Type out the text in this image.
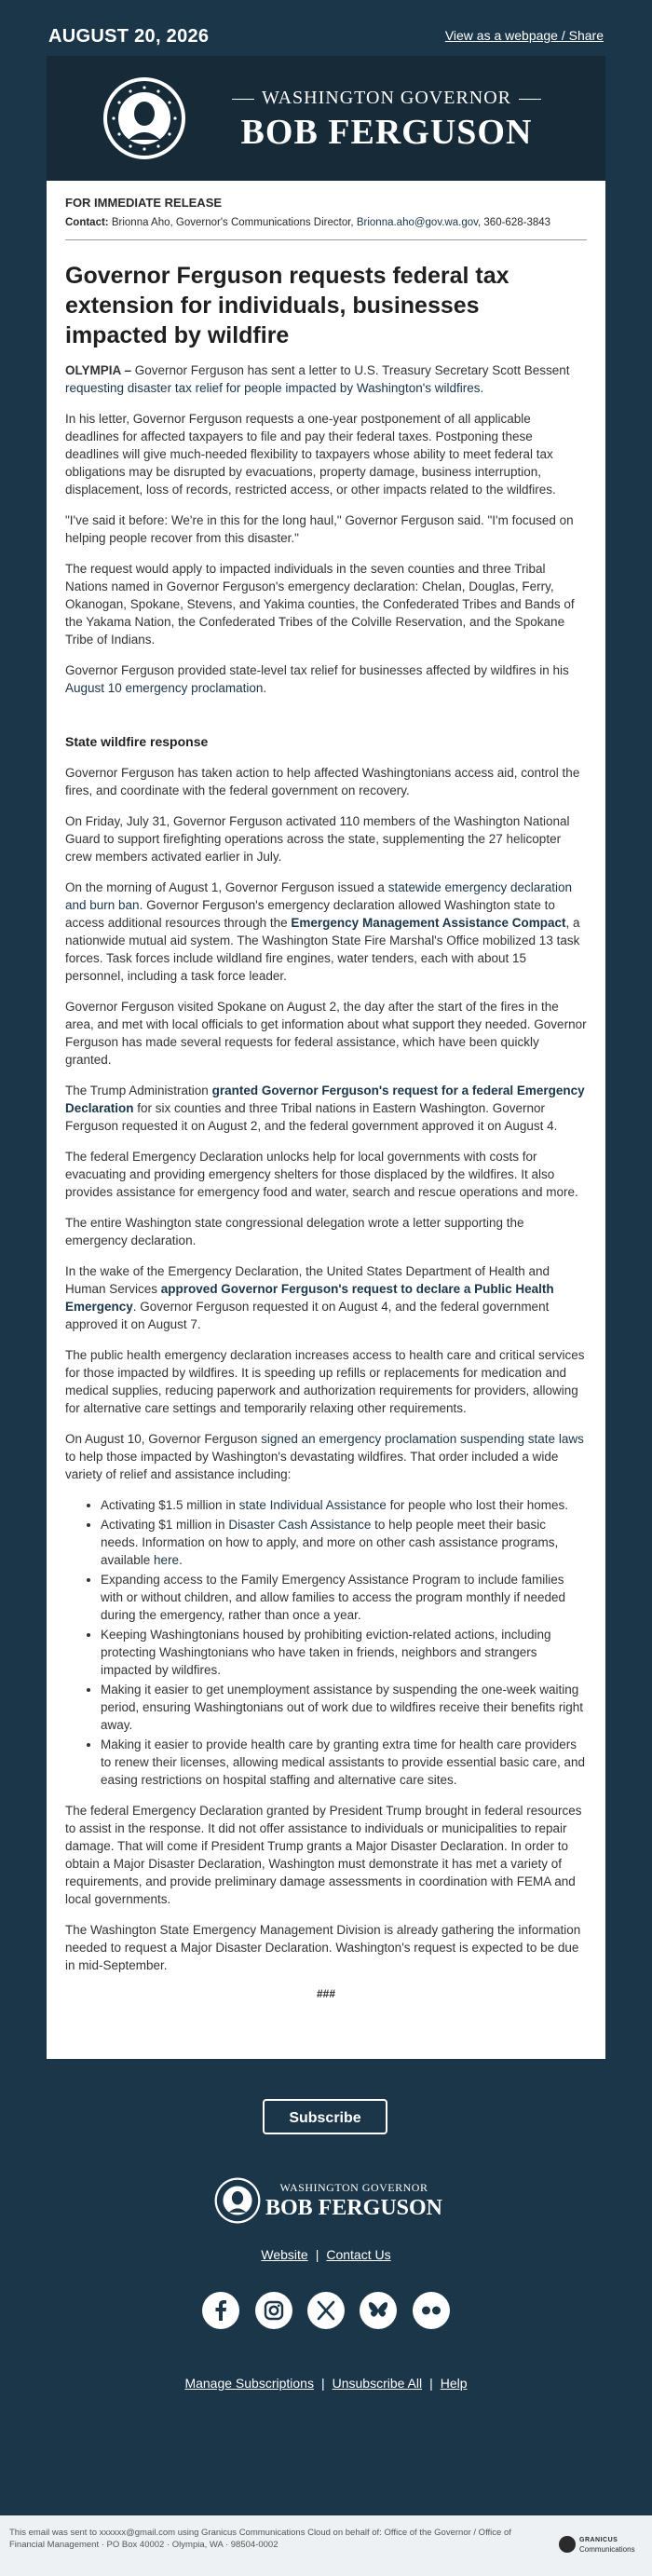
AUGUST 20, 2026	View as a webpage / Share
WASHINGTON GOVERNOR
BOB FERGUSON
FOR IMMEDIATE RELEASE
Contact: Brionna Aho, Governor's Communications Director, Brionna.aho@gov.wa.gov, 360-628-3843
Governor Ferguson requests federal tax extension for individuals, businesses impacted by wildfire

OLYMPIA – Governor Ferguson has sent a letter to U.S. Treasury Secretary Scott Bessent requesting disaster tax relief for people impacted by Washington's wildfires.

In his letter, Governor Ferguson requests a one-year postponement of all applicable deadlines for affected taxpayers to file and pay their federal taxes. Postponing these deadlines will give much-needed flexibility to taxpayers whose ability to meet federal tax obligations may be disrupted by evacuations, property damage, business interruption, displacement, loss of records, restricted access, or other impacts related to the wildfires.

"I've said it before: We're in this for the long haul," Governor Ferguson said. "I'm focused on helping people recover from this disaster."

The request would apply to impacted individuals in the seven counties and three Tribal Nations named in Governor Ferguson's emergency declaration: Chelan, Douglas, Ferry, Okanogan, Spokane, Stevens, and Yakima counties, the Confederated Tribes and Bands of the Yakama Nation, the Confederated Tribes of the Colville Reservation, and the Spokane Tribe of Indians.

Governor Ferguson provided state-level tax relief for businesses affected by wildfires in his August 10 emergency proclamation.

State wildfire response

Governor Ferguson has taken action to help affected Washingtonians access aid, control the fires, and coordinate with the federal government on recovery.

On Friday, July 31, Governor Ferguson activated 110 members of the Washington National Guard to support firefighting operations across the state, supplementing the 27 helicopter crew members activated earlier in July.

On the morning of August 1, Governor Ferguson issued a statewide emergency declaration and burn ban. Governor Ferguson's emergency declaration allowed Washington state to access additional resources through the Emergency Management Assistance Compact, a nationwide mutual aid system. The Washington State Fire Marshal's Office mobilized 13 task forces. Task forces include wildland fire engines, water tenders, each with about 15 personnel, including a task force leader.

Governor Ferguson visited Spokane on August 2, the day after the start of the fires in the area, and met with local officials to get information about what support they needed. Governor Ferguson has made several requests for federal assistance, which have been quickly granted.

The Trump Administration granted Governor Ferguson's request for a federal Emergency Declaration for six counties and three Tribal nations in Eastern Washington. Governor Ferguson requested it on August 2, and the federal government approved it on August 4.

The federal Emergency Declaration unlocks help for local governments with costs for evacuating and providing emergency shelters for those displaced by the wildfires. It also provides assistance for emergency food and water, search and rescue operations and more.

The entire Washington state congressional delegation wrote a letter supporting the emergency declaration.

In the wake of the Emergency Declaration, the United States Department of Health and Human Services approved Governor Ferguson's request to declare a Public Health Emergency. Governor Ferguson requested it on August 4, and the federal government approved it on August 7.

The public health emergency declaration increases access to health care and critical services for those impacted by wildfires. It is speeding up refills or replacements for medication and medical supplies, reducing paperwork and authorization requirements for providers, allowing for alternative care settings and temporarily relaxing other requirements.

On August 10, Governor Ferguson signed an emergency proclamation suspending state laws to help those impacted by Washington's devastating wildfires. That order included a wide variety of relief and assistance including:

• Activating $1.5 million in state Individual Assistance for people who lost their homes.
• Activating $1 million in Disaster Cash Assistance to help people meet their basic needs. Information on how to apply, and more on other cash assistance programs, available here.
• Expanding access to the Family Emergency Assistance Program to include families with or without children, and allow families to access the program monthly if needed during the emergency, rather than once a year.
• Keeping Washingtonians housed by prohibiting eviction-related actions, including protecting Washingtonians who have taken in friends, neighbors and strangers impacted by wildfires.
• Making it easier to get unemployment assistance by suspending the one-week waiting period, ensuring Washingtonians out of work due to wildfires receive their benefits right away.
• Making it easier to provide health care by granting extra time for health care providers to renew their licenses, allowing medical assistants to provide essential basic care, and easing restrictions on hospital staffing and alternative care sites.

The federal Emergency Declaration granted by President Trump brought in federal resources to assist in the response. It did not offer assistance to individuals or municipalities to repair damage. That will come if President Trump grants a Major Disaster Declaration. In order to obtain a Major Disaster Declaration, Washington must demonstrate it has met a variety of requirements, and provide preliminary damage assessments in coordination with FEMA and local governments.

The Washington State Emergency Management Division is already gathering the information needed to request a Major Disaster Declaration. Washington's request is expected to be due in mid-September.

###
Subscribe
WASHINGTON GOVERNOR
BOB FERGUSON
Website | Contact Us

Manage Subscriptions | Unsubscribe All | Help
This email was sent to xxxxxx@gmail.com using Granicus Communications Cloud on behalf of: Office of the Governor / Office of Financial Management · PO Box 40002 · Olympia, WA · 98504-0002	GRANICUS
Communications
